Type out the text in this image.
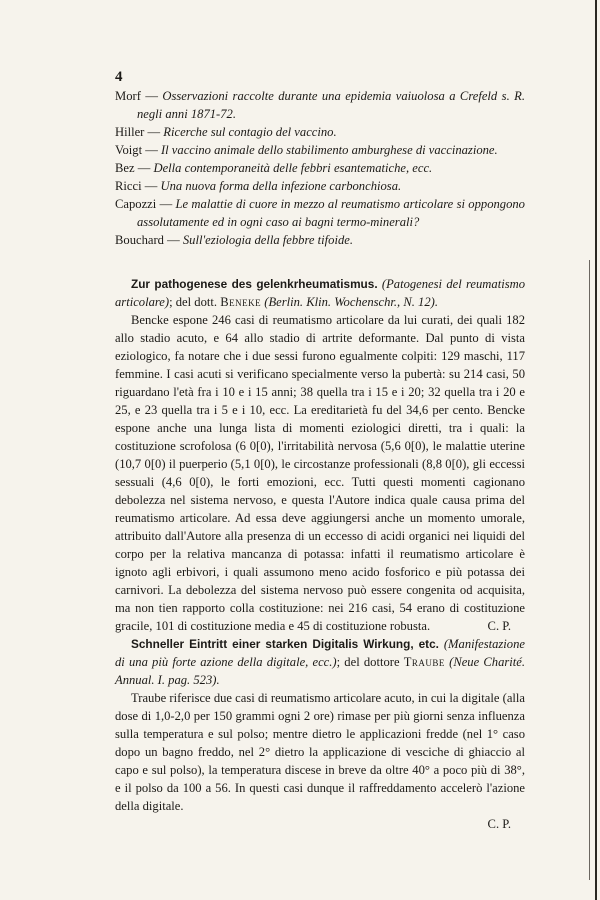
4

Morf — Osservazioni raccolte durante una epidemia vaiuolosa a Crefeld s. R. negli anni 1871-72.

Hiller — Ricerche sul contagio del vaccino.

Voigt — Il vaccino animale dello stabilimento amburghese di vaccinazione.

Bez — Della contemporaneità delle febbri esantematiche, ecc.

Ricci — Una nuova forma della infezione carbonchiosa.

Capozzi — Le malattie di cuore in mezzo al reumatismo articolare si oppongono assolutamente ed in ogni caso ai bagni termo-minerali?

Bouchard — Sull'eziologia della febbre tifoide.

Zur pathogenese des gelenkrheumatismus. (Patogenesi del reumatismo articolare); del dott. Beneke (Berlin. Klin. Wochenschr., N. 12).

Bencke espone 246 casi di reumatismo articolare da lui curati, dei quali 182 allo stadio acuto, e 64 allo stadio di artrite deformante. Dal punto di vista eziologico, fa notare che i due sessi furono egualmente colpiti: 129 maschi, 117 femmine. I casi acuti si verificano specialmente verso la pubertà: su 214 casi, 50 riguardano l'età fra i 10 e i 15 anni; 38 quella tra i 15 e i 20; 32 quella tra i 20 e 25, e 23 quella tra i 5 e i 10, ecc. La ereditarietà fu del 34,6 per cento. Bencke espone anche una lunga lista di momenti eziologici diretti, tra i quali: la costituzione scrofolosa (6 0[0), l'irritabilità nervosa (5,6 0[0), le malattie uterine (10,7 0[0) il puerperio (5,1 0[0), le circostanze professionali (8,8 0[0), gli eccessi sessuali (4,6 0[0), le forti emozioni, ecc. Tutti questi momenti cagionano debolezza nel sistema nervoso, e questa l'Autore indica quale causa prima del reumatismo articolare. Ad essa deve aggiungersi anche un momento umorale, attribuito dall'Autore alla presenza di un eccesso di acidi organici nei liquidi del corpo per la relativa mancanza di potassa: infatti il reumatismo articolare è ignoto agli erbivori, i quali assumono meno acido fosforico e più potassa dei carnivori. La debolezza del sistema nervoso può essere congenita od acquisita, ma non tien rapporto colla costituzione: nei 216 casi, 54 erano di costituzione gracile, 101 di costituzione media e 45 di costituzione robusta.	C. P.

Schneller Eintritt einer starken Digitalis Wirkung, etc. (Manifestazione di una più forte azione della digitale, ecc.); del dottore Traube (Neue Charité. Annual. I. pag. 523).

Traube riferisce due casi di reumatismo articolare acuto, in cui la digitale (alla dose di 1,0-2,0 per 150 grammi ogni 2 ore) rimase per più giorni senza influenza sulla temperatura e sul polso; mentre dietro le applicazioni fredde (nel 1° caso dopo un bagno freddo, nel 2° dietro la applicazione di vesciche di ghiaccio al capo e sul polso), la temperatura discese in breve da oltre 40° a poco più di 38°, e il polso da 100 a 56. In questi casi dunque il raffreddamento accelerò l'azione della digitale.

C. P.
